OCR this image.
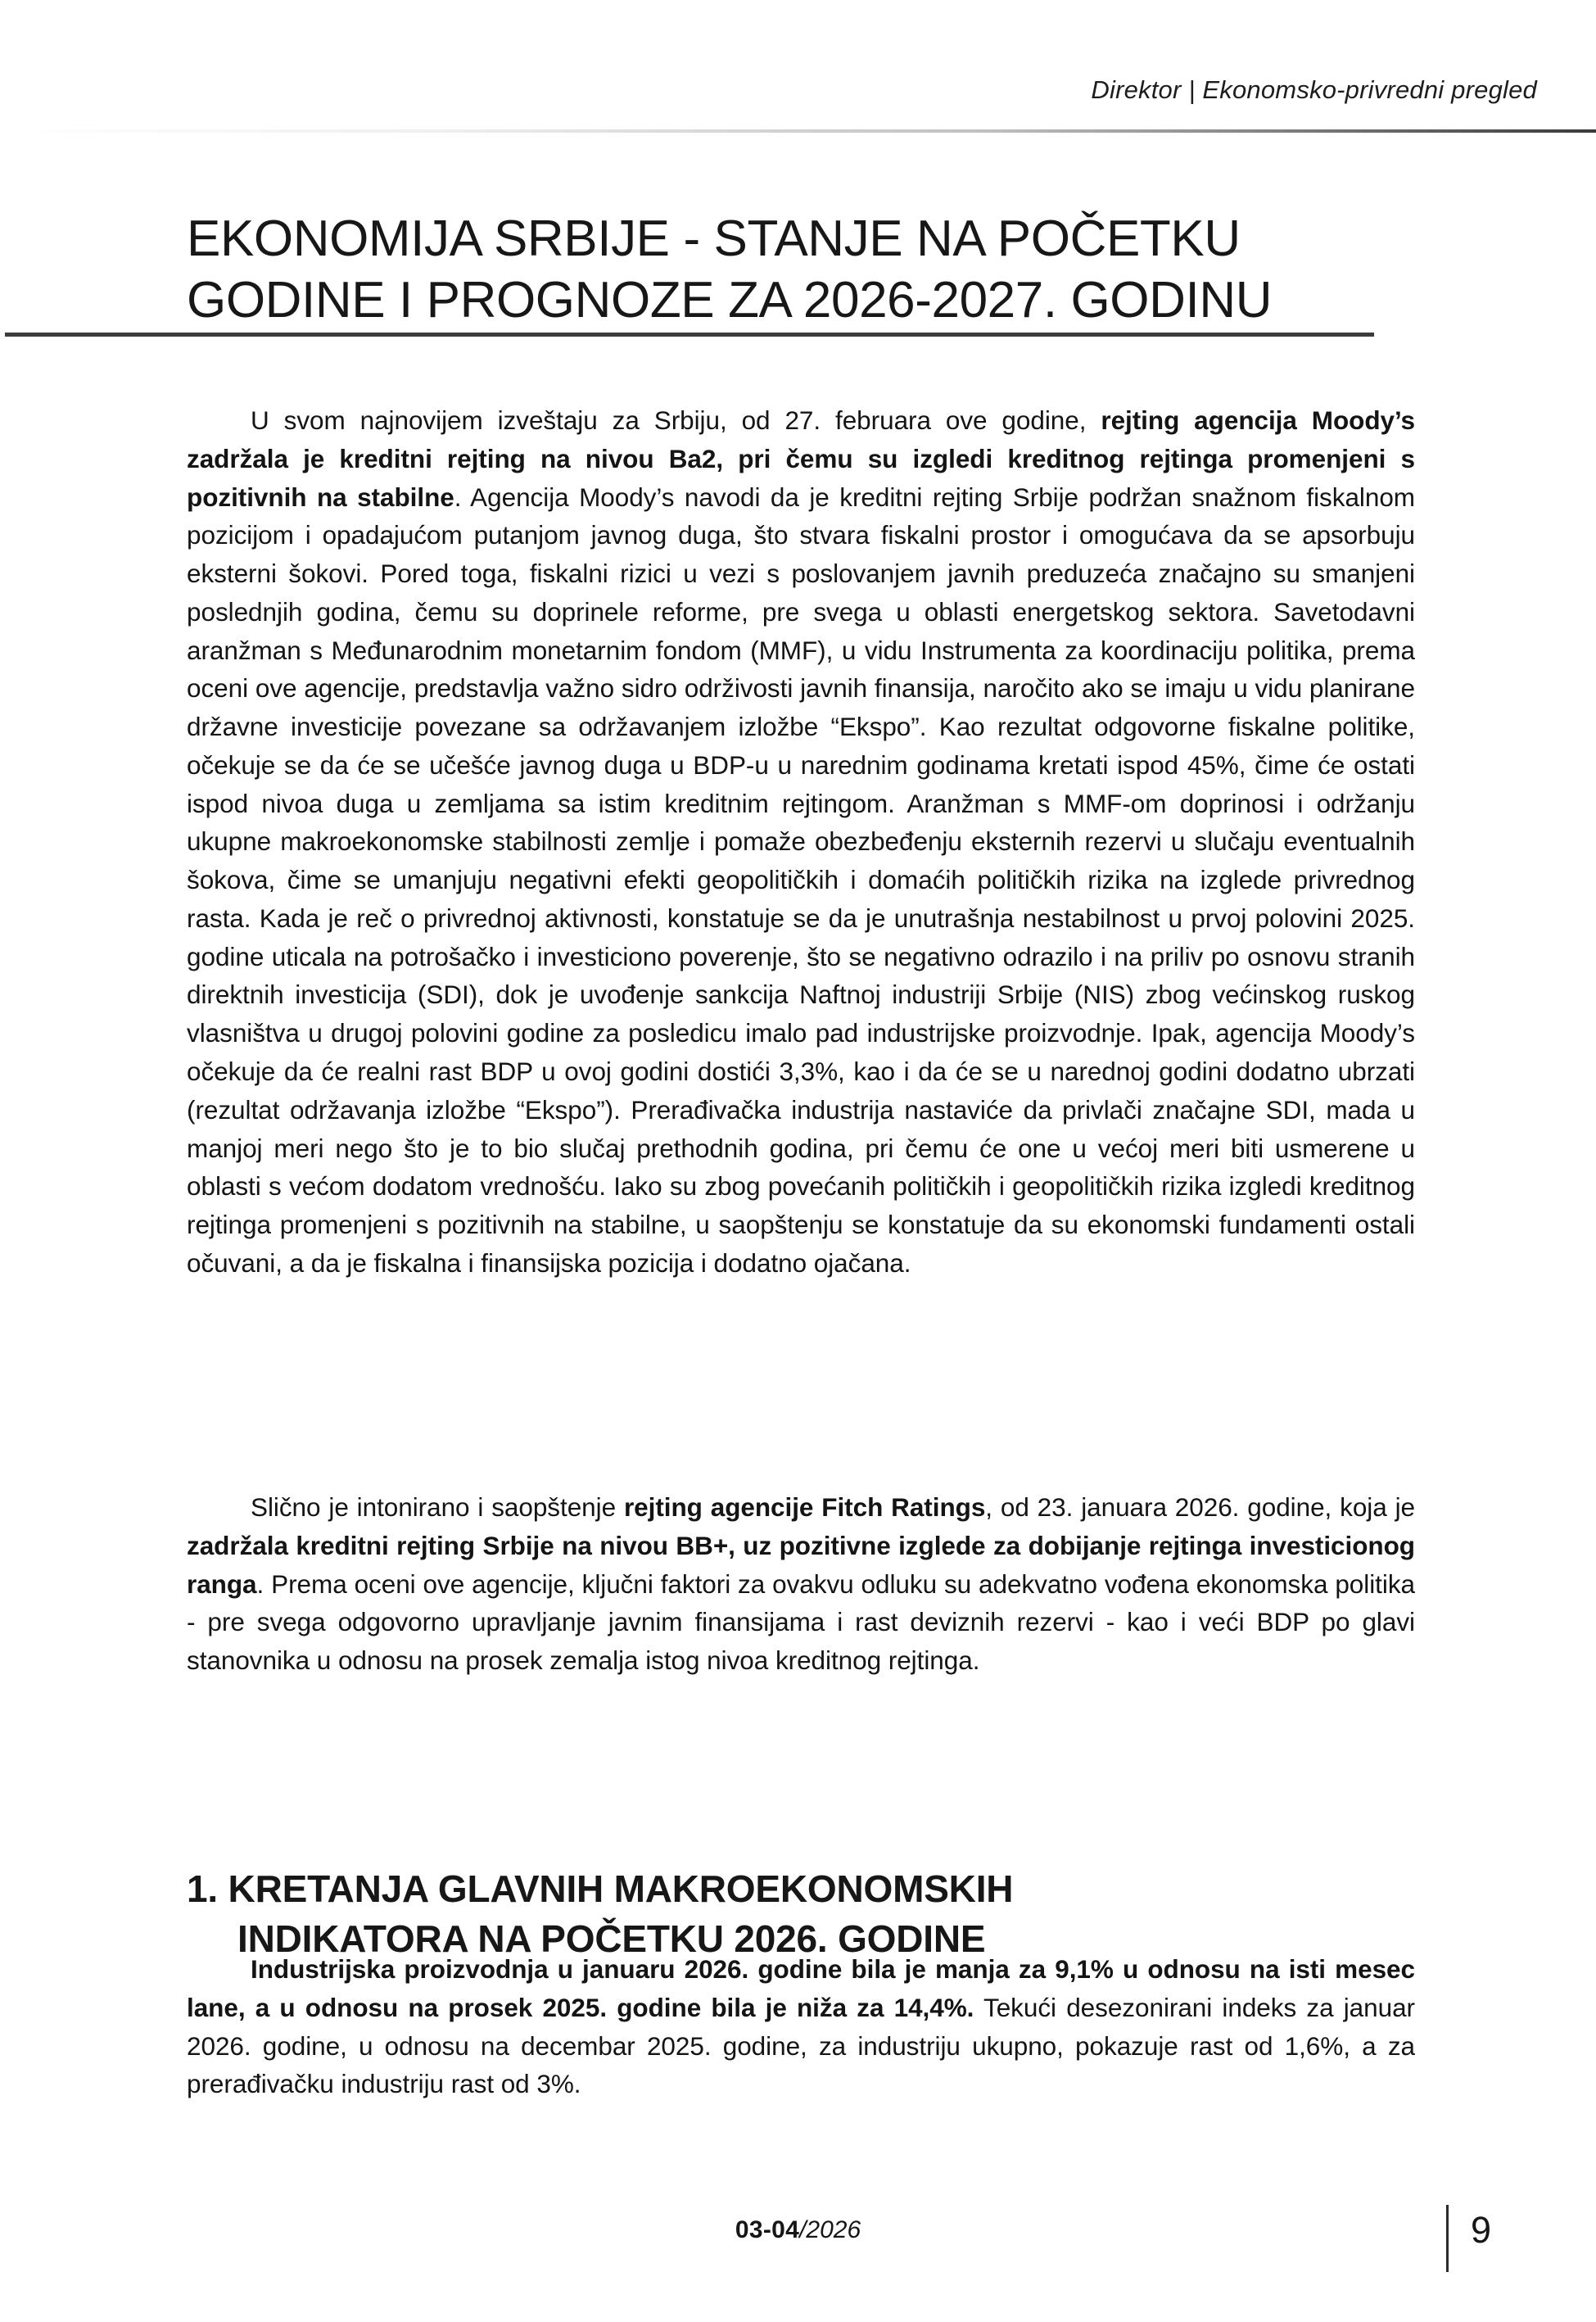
Direktor | Ekonomsko-privredni pregled
EKONOMIJA SRBIJE - STANJE NA POČETKU
GODINE I PROGNOZE ZA 2026-2027. GODINU

U svom najnovijem izveštaju za Srbiju, od 27. februara ove godine, rejting agencija Moody’s zadržala je kreditni rejting na nivou Ba2, pri čemu su izgledi kreditnog rejtinga promenjeni s pozitivnih na stabilne. Agencija Moody’s navodi da je kreditni rejting Srbije podržan snažnom fiskalnom pozicijom i opadajućom putanjom javnog duga, što stvara fiskalni prostor i omogućava da se apsorbuju eksterni šokovi. Pored toga, fiskalni rizici u vezi s poslovanjem javnih preduzeća značajno su smanjeni poslednjih godina, čemu su doprinele reforme, pre svega u oblasti energetskog sektora. Savetodavni aranžman s Međunarodnim monetarnim fondom (MMF), u vidu Instrumenta za koordinaciju politika, prema oceni ove agencije, predstavlja važno sidro održivosti javnih finansija, naročito ako se imaju u vidu planirane državne investicije povezane sa održavanjem izložbe “Ekspo”. Kao rezultat odgovorne fiskalne politike, očekuje se da će se učešće javnog duga u BDP-u u narednim godinama kretati ispod 45%, čime će ostati ispod nivoa duga u zemljama sa istim kreditnim rejtingom. Aranžman s MMF-om doprinosi i održanju ukupne makroekonomske stabilnosti zemlje i pomaže obezbeđenju eksternih rezervi u slučaju eventualnih šokova, čime se umanjuju negativni efekti geopolitičkih i domaćih političkih rizika na izglede privrednog rasta. Kada je reč o privrednoj aktivnosti, konstatuje se da je unutrašnja nestabilnost u prvoj polovini 2025. godine uticala na potrošačko i investiciono poverenje, što se negativno odrazilo i na priliv po osnovu stranih direktnih investicija (SDI), dok je uvođenje sankcija Naftnoj industriji Srbije (NIS) zbog većinskog ruskog vlasništva u drugoj polovini godine za posledicu imalo pad industrijske proizvodnje. Ipak, agencija Moody’s očekuje da će realni rast BDP u ovoj godini dostići 3,3%, kao i da će se u narednoj godini dodatno ubrzati (rezultat održavanja izložbe “Ekspo”). Prerađivačka industrija nastaviće da privlači značajne SDI, mada u manjoj meri nego što je to bio slučaj prethodnih godina, pri čemu će one u većoj meri biti usmerene u oblasti s većom dodatom vrednošću. Iako su zbog povećanih političkih i geopolitičkih rizika izgledi kreditnog rejtinga promenjeni s pozitivnih na stabilne, u saopštenju se konstatuje da su ekonomski fundamenti ostali očuvani, a da je fiskalna i finansijska pozicija i dodatno ojačana.

Slično je intonirano i saopštenje rejting agencije Fitch Ratings, od 23. januara 2026. godine, koja je zadržala kreditni rejting Srbije na nivou BB+, uz pozitivne izglede za dobijanje rejtinga investicionog ranga. Prema oceni ove agencije, ključni faktori za ovakvu odluku su adekvatno vođena ekonomska politika - pre svega odgovorno upravljanje javnim finansijama i rast deviznih rezervi - kao i veći BDP po glavi stanovnika u odnosu na prosek zemalja istog nivoa kreditnog rejtinga.

1. KRETANJA GLAVNIH MAKROEKONOMSKIH
INDIKATORA NA POČETKU 2026. GODINE

Industrijska proizvodnja u januaru 2026. godine bila je manja za 9,1% u odnosu na isti mesec lane, a u odnosu na prosek 2025. godine bila je niža za 14,4%. Tekući desezonirani indeks za januar 2026. godine, u odnosu na decembar 2025. godine, za industriju ukupno, pokazuje rast od 1,6%, a za prerađivačku industriju rast od 3%.

03-04/2026	9
